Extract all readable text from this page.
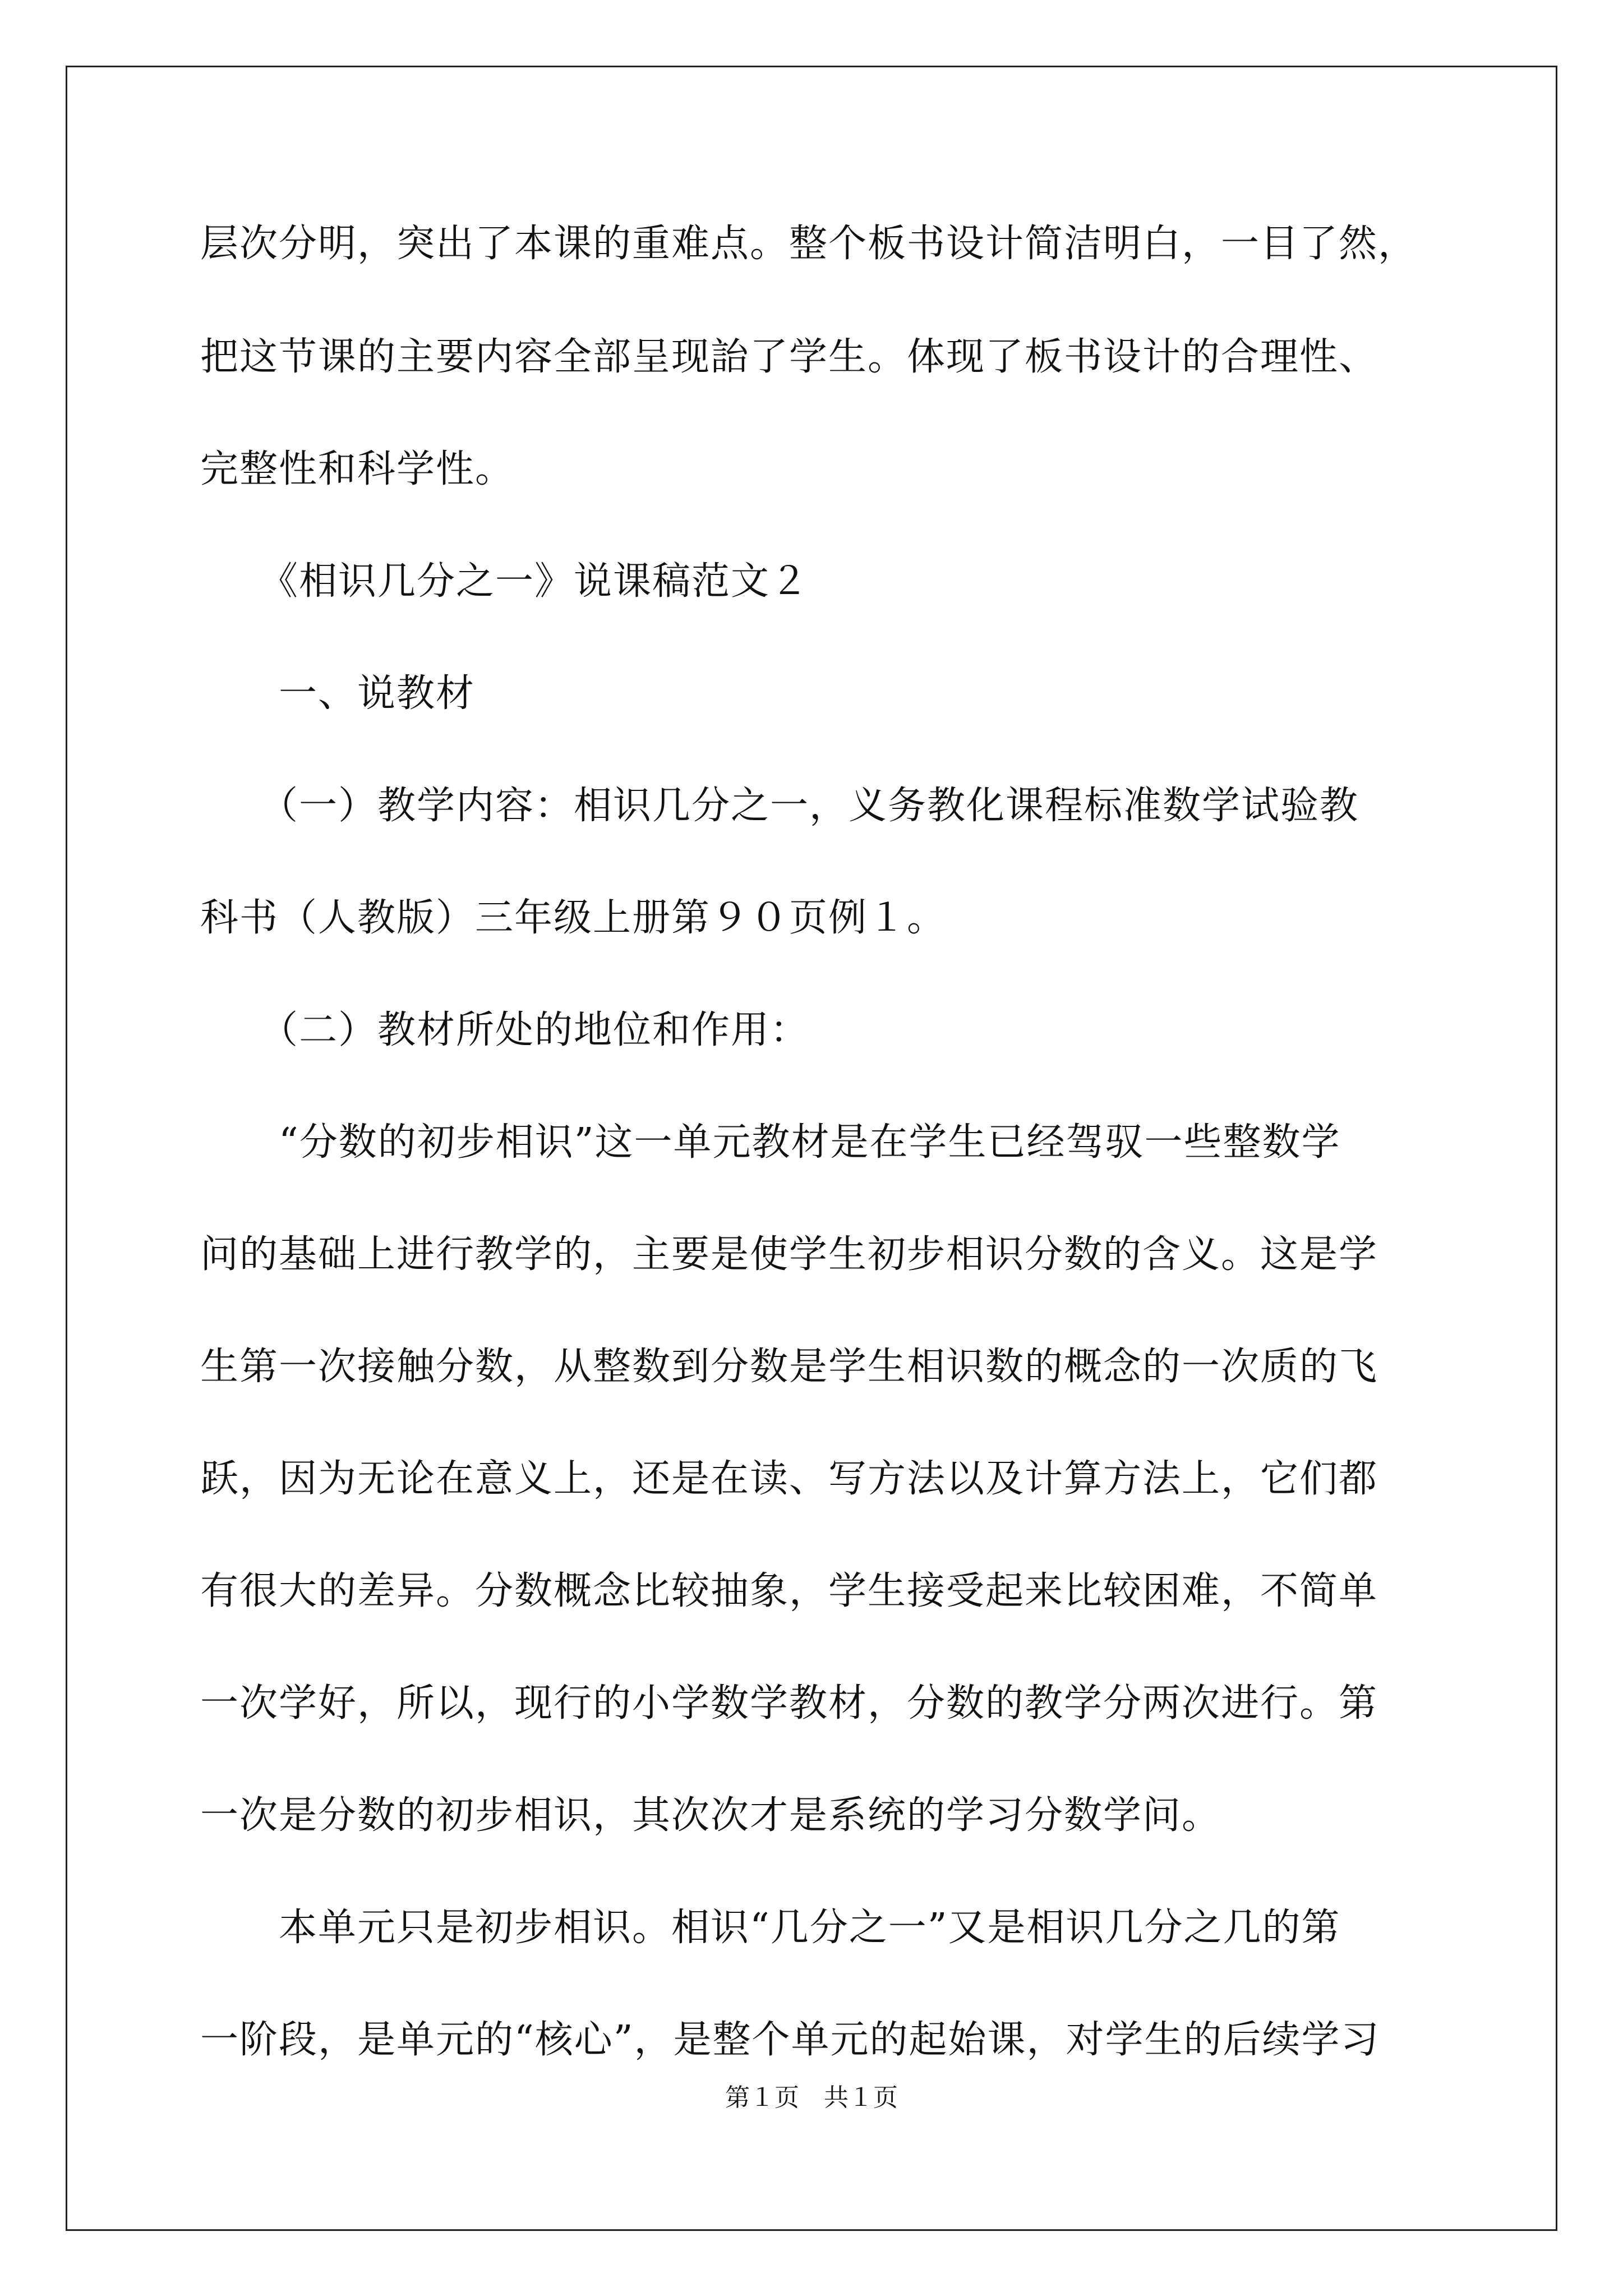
层次分明，突出了本课的重难点。整个板书设计简洁明白，一目了然，
把这节课的主要内容全部呈现詒了学生。体现了板书设计的合理性、
完整性和科学性。
　　《相识几分之一》说课稿范文２
　　一、说教材
　　（一）教学内容：相识几分之一，义务教化课程标准数学试验教
科书（人教版）三年级上册第９０页例１。
　　（二）教材所处的地位和作用：
　　“分数的初步相识”这一单元教材是在学生已经驾驭一些整数学
问的基础上进行教学的，主要是使学生初步相识分数的含义。这是学
生第一次接触分数，从整数到分数是学生相识数的概念的一次质的飞
跃，因为无论在意义上，还是在读、写方法以及计算方法上，它们都
有很大的差异。分数概念比较抽象，学生接受起来比较困难，不简单
一次学好，所以，现行的小学数学教材，分数的教学分两次进行。第
一次是分数的初步相识，其次次才是系统的学习分数学问。
　　本单元只是初步相识。相识“几分之一”又是相识几分之几的第
一阶段，是单元的“核心”，是整个单元的起始课，对学生的后续学习
第１页　共１页
